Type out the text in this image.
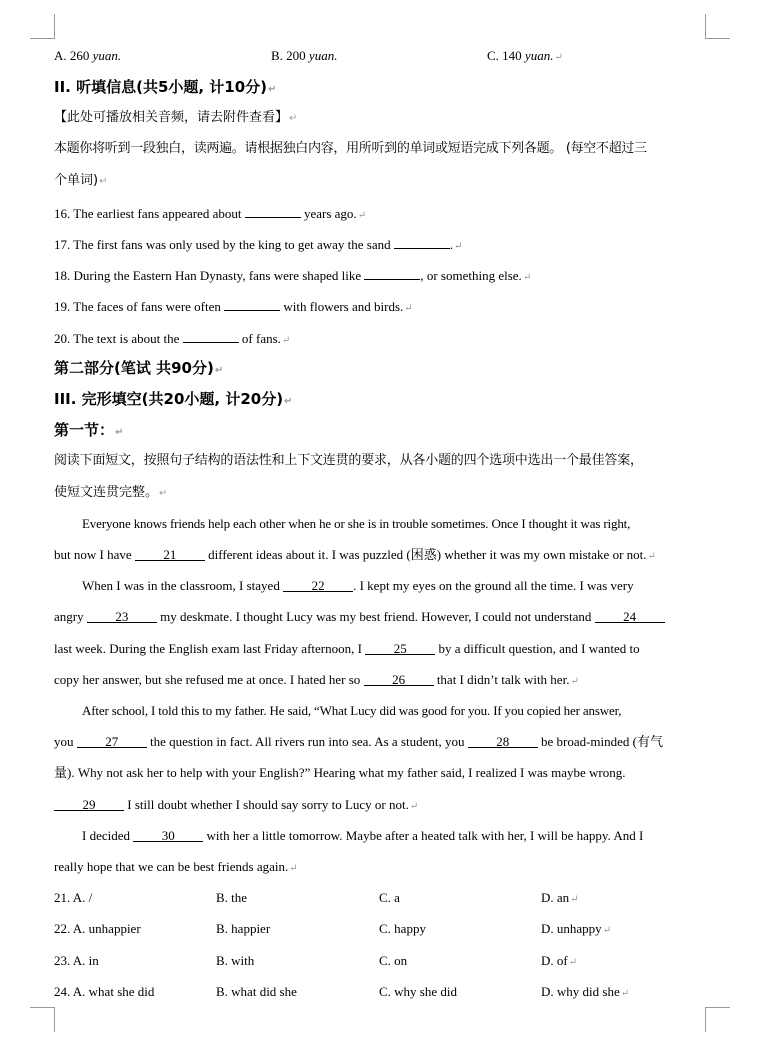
A. 260 yuan.	B. 200 yuan.	C. 140 yuan.↵
II. 听填信息(共5小题, 计10分)↵
【此处可播放相关音频，请去附件查看】↵
本题你将听到一段独白，读两遍。请根据独白内容，用所听到的单词或短语完成下列各题。 (每空不超过三
个单词)↵
16. The earliest fans appeared about	years ago.↵
17. The first fans was only used by the king to get away the sand	.↵
18. During the Eastern Han Dynasty, fans were shaped like	, or something else.↵
19. The faces of fans were often	with flowers and birds.↵
20. The text is about the	of fans.↵
第二部分(笔试 共90分)↵
III. 完形填空(共20小题, 计20分)↵
第一节：↵
阅读下面短文，按照句子结构的语法性和上下文连贯的要求，从各小题的四个选项中选出一个最佳答案，
使短文连贯完整。↵
Everyone knows friends help each other when he or she is in trouble sometimes. Once I thought it was right,
but now I have 21 different ideas about it. I was puzzled (困惑) whether it was my own mistake or not.↵
When I was in the classroom, I stayed 22 . I kept my eyes on the ground all the time. I was very
angry 23 my deskmate. I thought Lucy was my best friend. However, I could not understand 24
last week. During the English exam last Friday afternoon, I 25 by a difficult question, and I wanted to
copy her answer, but she refused me at once. I hated her so 26 that I didn’t talk with her.↵
After school, I told this to my father. He said, “What Lucy did was good for you. If you copied her answer,
you 27 the question in fact. All rivers run into sea. As a student, you 28 be broad-minded (有气
量). Why not ask her to help with your English?” Hearing what my father said, I realized I was maybe wrong.
29 I still doubt whether I should say sorry to Lucy or not.↵
I decided 30 with her a little tomorrow. Maybe after a heated talk with her, I will be happy. And I
really hope that we can be best friends again.↵
21. A. /	B. the	C. a	D. an↵
22. A. unhappier	B. happier	C. happy	D. unhappy↵
23. A. in	B. with	C. on	D. of↵
24. A. what she did	B. what did she	C. why she did	D. why did she↵
